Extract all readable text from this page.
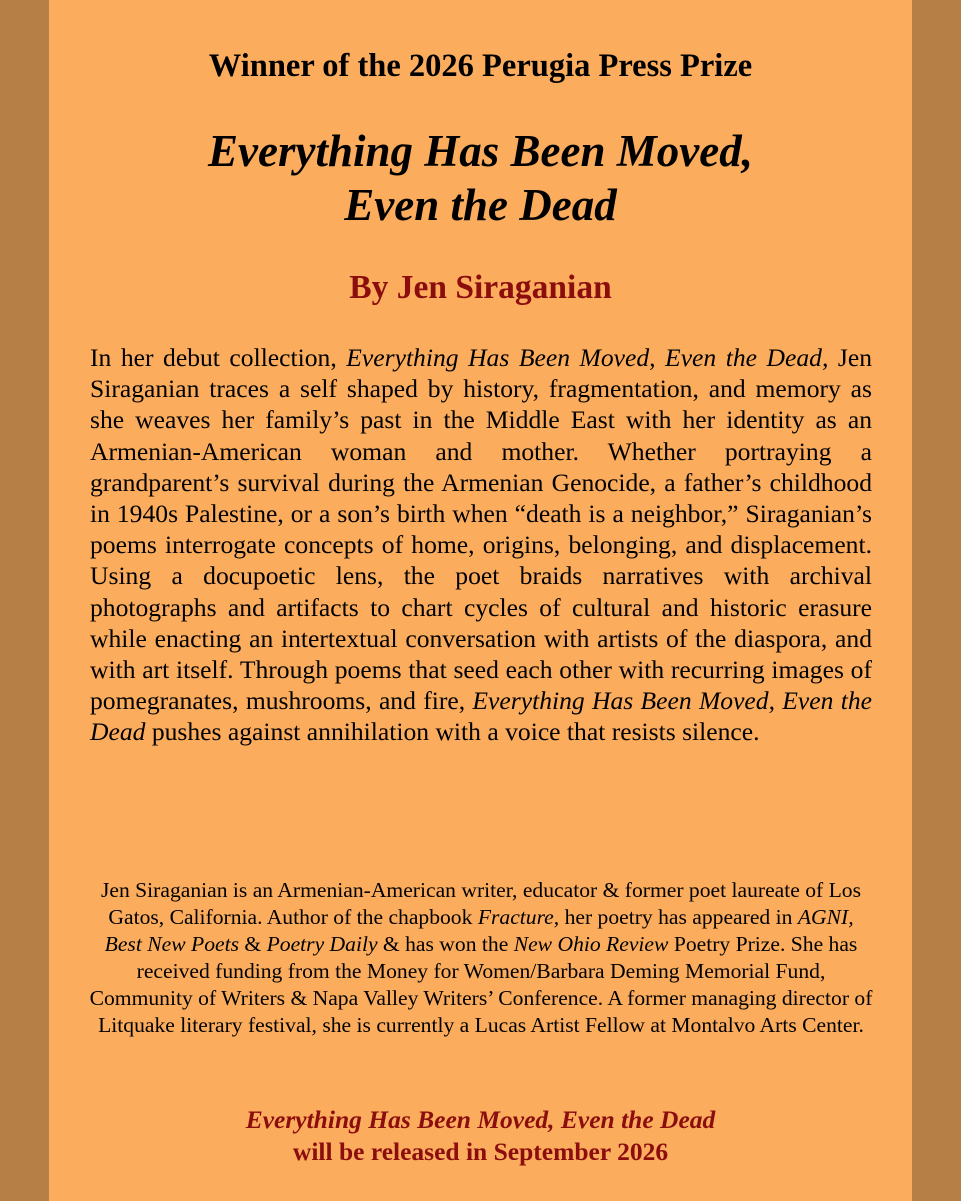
Winner of the 2026 Perugia Press Prize

Everything Has Been Moved,
Even the Dead
By Jen Siraganian

In her debut collection, Everything Has Been Moved, Even the Dead, Jen Siraganian traces a self shaped by history, fragmentation, and memory as she weaves her family’s past in the Middle East with her identity as an Armenian-American woman and mother. Whether portraying a grandparent’s survival during the Armenian Genocide, a father’s childhood in 1940s Palestine, or a son’s birth when “death is a neighbor,” Siraganian’s poems interrogate concepts of home, origins, belonging, and displacement. Using a docupoetic lens, the poet braids narratives with archival photographs and artifacts to chart cycles of cultural and historic erasure while enacting an intertextual conversation with artists of the diaspora, and with art itself. Through poems that seed each other with recurring images of pomegranates, mushrooms, and fire, Everything Has Been Moved, Even the Dead pushes against annihilation with a voice that resists silence.

Jen Siraganian is an Armenian-American writer, educator & former poet laureate of Los Gatos, California. Author of the chapbook Fracture, her poetry has appeared in AGNI, Best New Poets & Poetry Daily & has won the New Ohio Review Poetry Prize. She has received funding from the Money for Women/Barbara Deming Memorial Fund, Community of Writers & Napa Valley Writers’ Conference. A former managing director of Litquake literary festival, she is currently a Lucas Artist Fellow at Montalvo Arts Center.

Everything Has Been Moved, Even the Dead
will be released in September 2026
